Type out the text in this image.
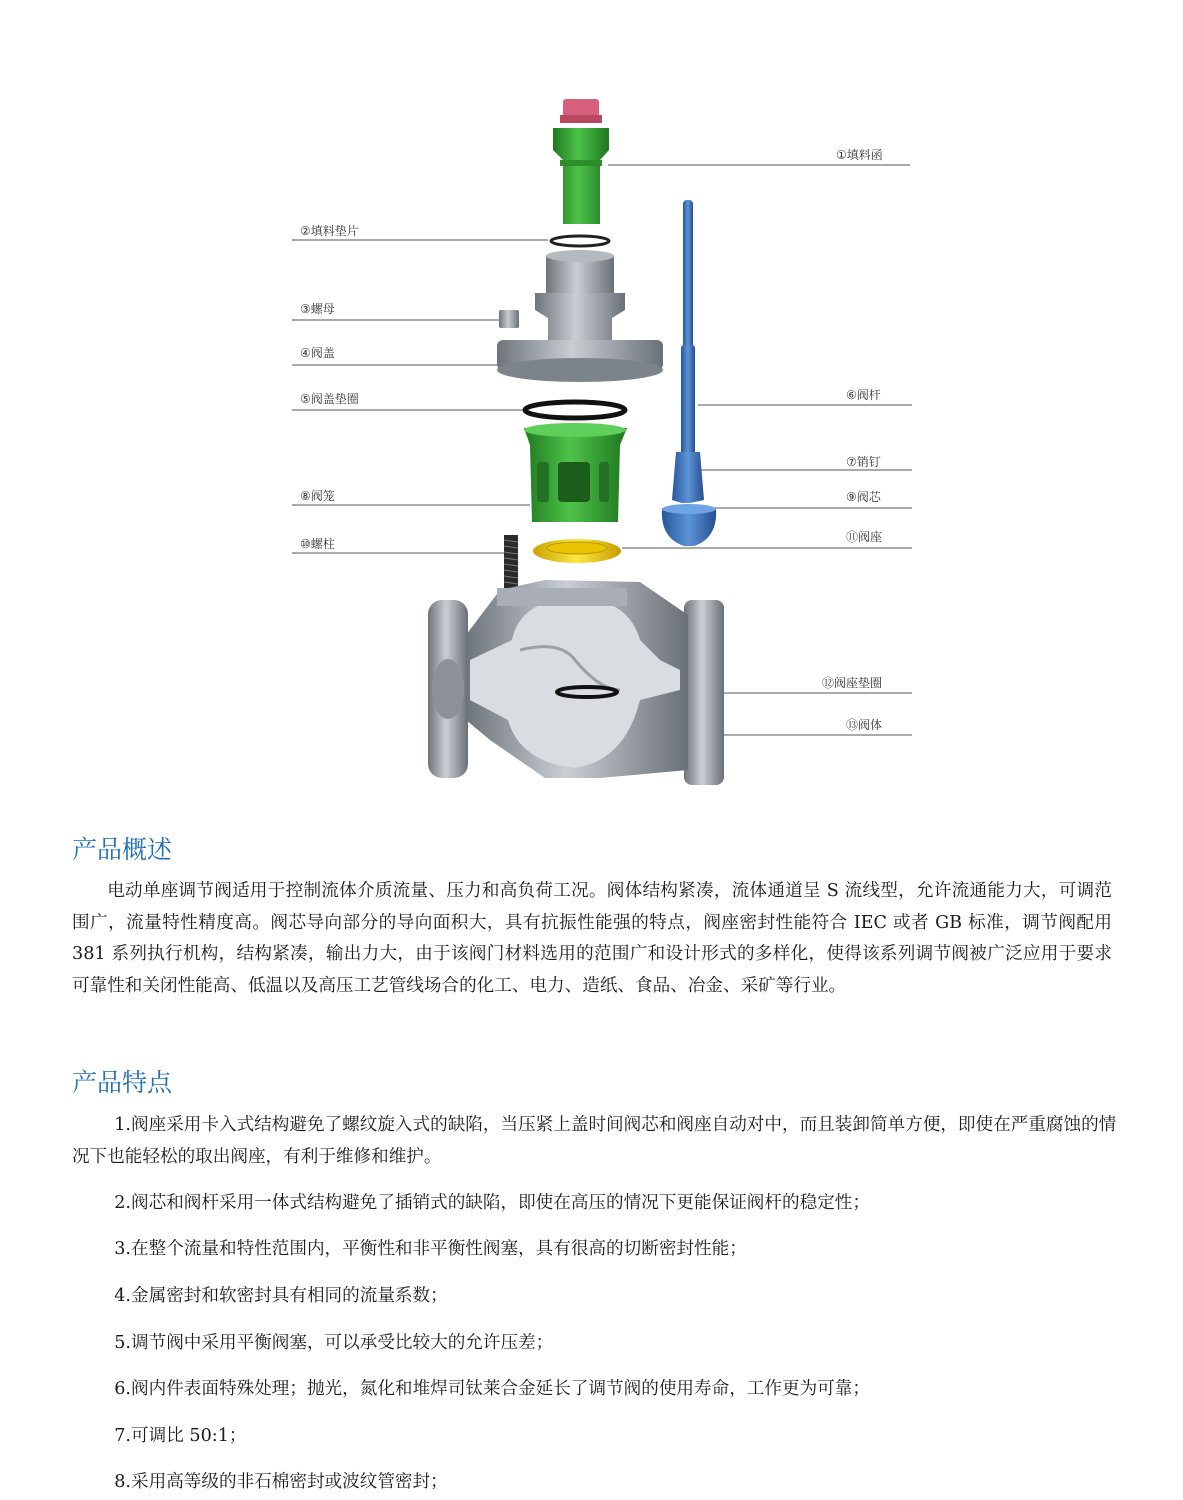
①填料函
②填料垫片
③螺母
④阀盖
⑤阀盖垫圈	⑥阀杆
⑦销钉
⑧阀笼	⑨阀芯
⑩螺柱	⑪阀座
⑫阀座垫圈
⑬阀体
产品概述

电动单座调节阀适用于控制流体介质流量、压力和高负荷工况。阀体结构紧凑，流体通道呈 S 流线型，允许流通能力大，可调范围广，流量特性精度高。阀芯导向部分的导向面积大，具有抗振性能强的特点，阀座密封性能符合 IEC 或者 GB 标准，调节阀配用 381 系列执行机构，结构紧凑，输出力大，由于该阀门材料选用的范围广和设计形式的多样化，使得该系列调节阀被广泛应用于要求可靠性和关闭性能高、低温以及高压工艺管线场合的化工、电力、造纸、食品、冶金、采矿等行业。

产品特点

1.阀座采用卡入式结构避免了螺纹旋入式的缺陷，当压紧上盖时间阀芯和阀座自动对中，而且装卸简单方便，即使在严重腐蚀的情况下也能轻松的取出阀座，有利于维修和维护。

2.阀芯和阀杆采用一体式结构避免了插销式的缺陷，即使在高压的情况下更能保证阀杆的稳定性；

3.在整个流量和特性范围内，平衡性和非平衡性阀塞，具有很高的切断密封性能；

4.金属密封和软密封具有相同的流量系数；

5.调节阀中采用平衡阀塞，可以承受比较大的允许压差；

6.阀内件表面特殊处理；抛光，氮化和堆焊司钛莱合金延长了调节阀的使用寿命，工作更为可靠；

7.可调比 50:1；

8.采用高等级的非石棉密封或波纹管密封；
